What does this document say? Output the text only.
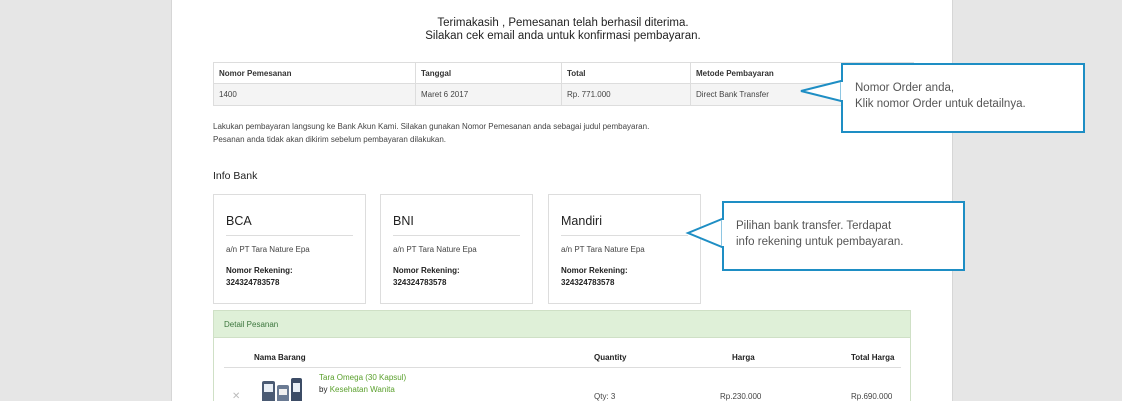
Terimakasih , Pemesanan telah berhasil diterima.
Silakan cek email anda untuk konfirmasi pembayaran.
Nomor Pemesanan	Tanggal	Total	Metode Pembayaran
1400	Maret 6 2017	Rp. 771.000	Direct Bank Transfer
Lakukan pembayaran langsung ke Bank Akun Kami. Silakan gunakan Nomor Pemesanan anda sebagai judul pembayaran.
Pesanan anda tidak akan dikirim sebelum pembayaran dilakukan.
Info Bank
BCA
a/n PT Tara Nature Epa
Nomor Rekening:
324324783578
BNI
a/n PT Tara Nature Epa
Nomor Rekening:
324324783578
Mandiri
a/n PT Tara Nature Epa
Nomor Rekening:
324324783578
Detail Pesanan
Nama Barang	Quantity	Harga	Total Harga
✕
Tara Omega (30 Kapsul)
by Kesehatan Wanita
Qty: 3	Rp.230.000	Rp.690.000
Nomor Order anda,
Klik nomor Order untuk detailnya.
Pilihan bank transfer. Terdapat
info rekening untuk pembayaran.
